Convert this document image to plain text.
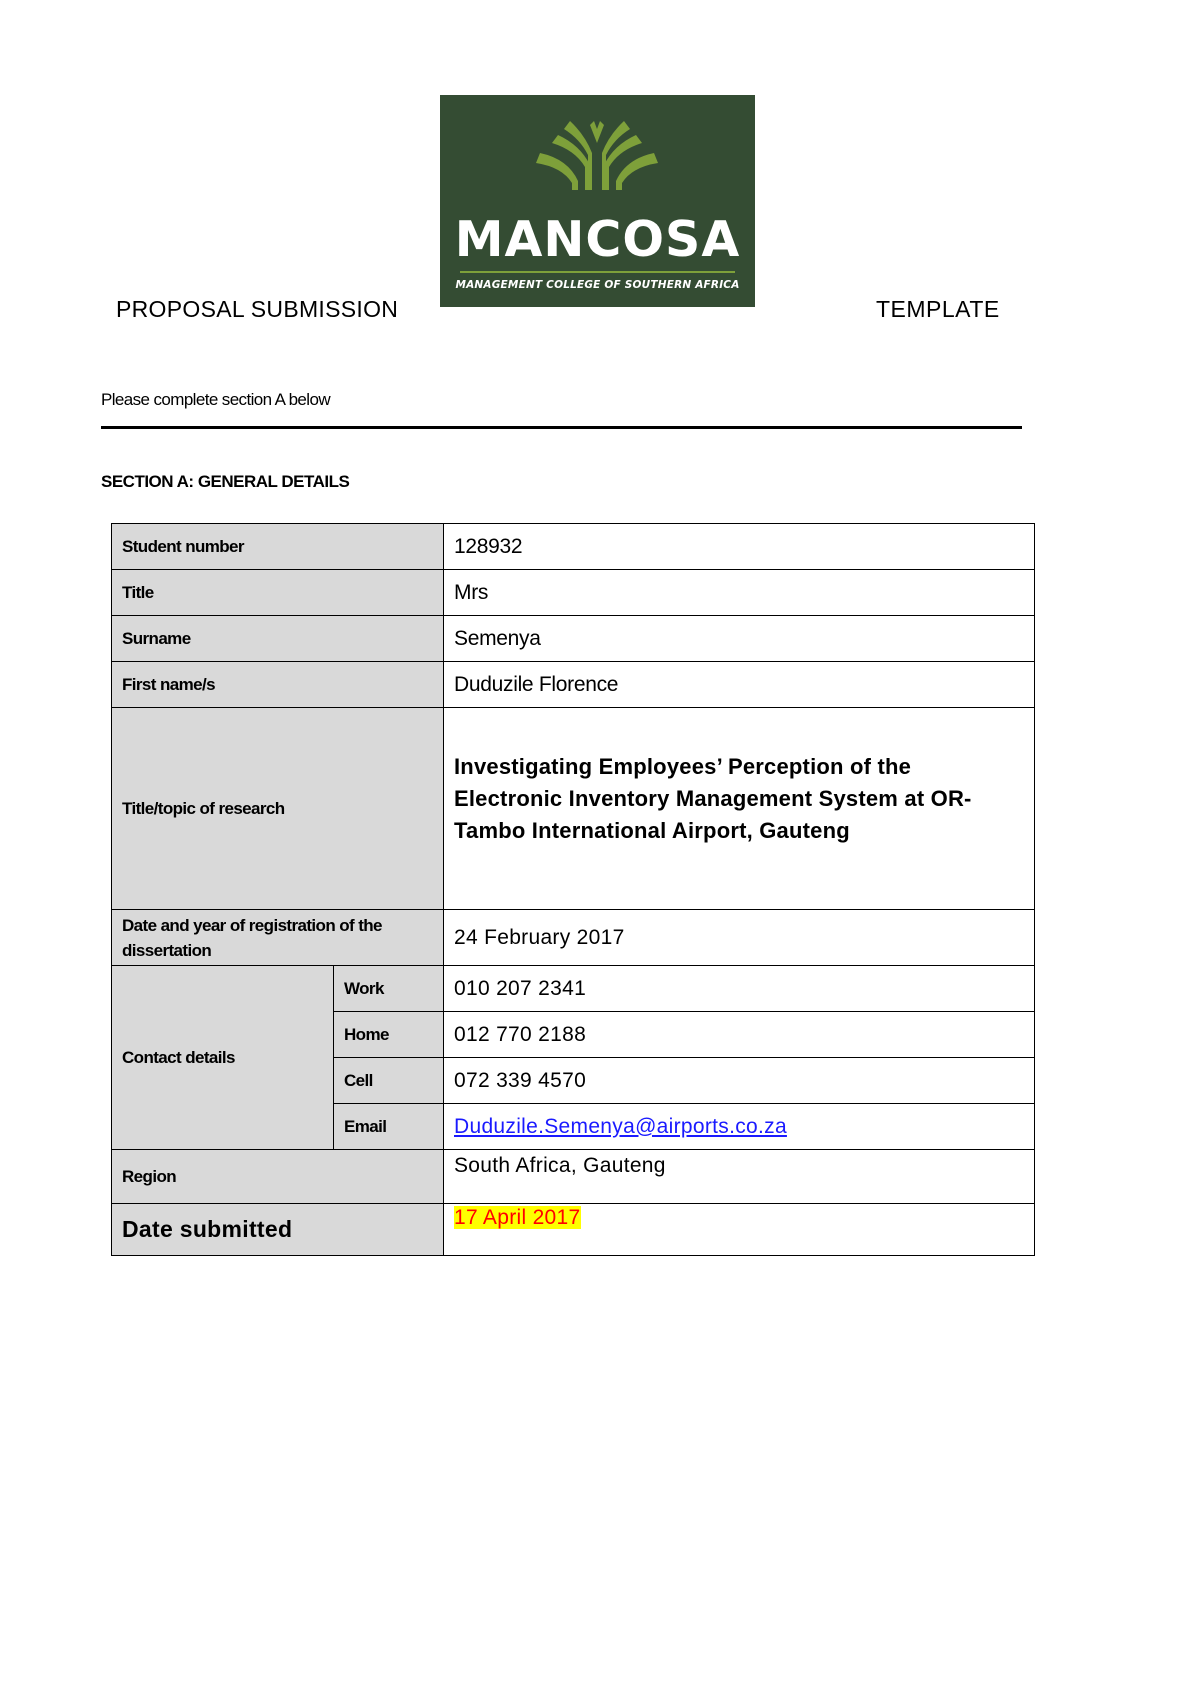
MANCOSA
MANAGEMENT COLLEGE OF SOUTHERN AFRICA
PROPOSAL SUBMISSION	TEMPLATE
Please complete section A below
SECTION A: GENERAL DETAILS
Student number		128932
Title		Mrs
Surname		Semenya
First name/s		Duduzile Florence
Title/topic of research		Investigating Employees’ Perception of the Electronic Inventory Management System at OR-Tambo International Airport, Gauteng

Date and year of registration of the dissertation		24 February 2017
Contact details	Work	010 207 2341
	Home	012 770 2188
	Cell	072 339 4570
	Email	Duduzile.Semenya@airports.co.za
Region		South Africa, Gauteng
Date submitted		17 April 2017
